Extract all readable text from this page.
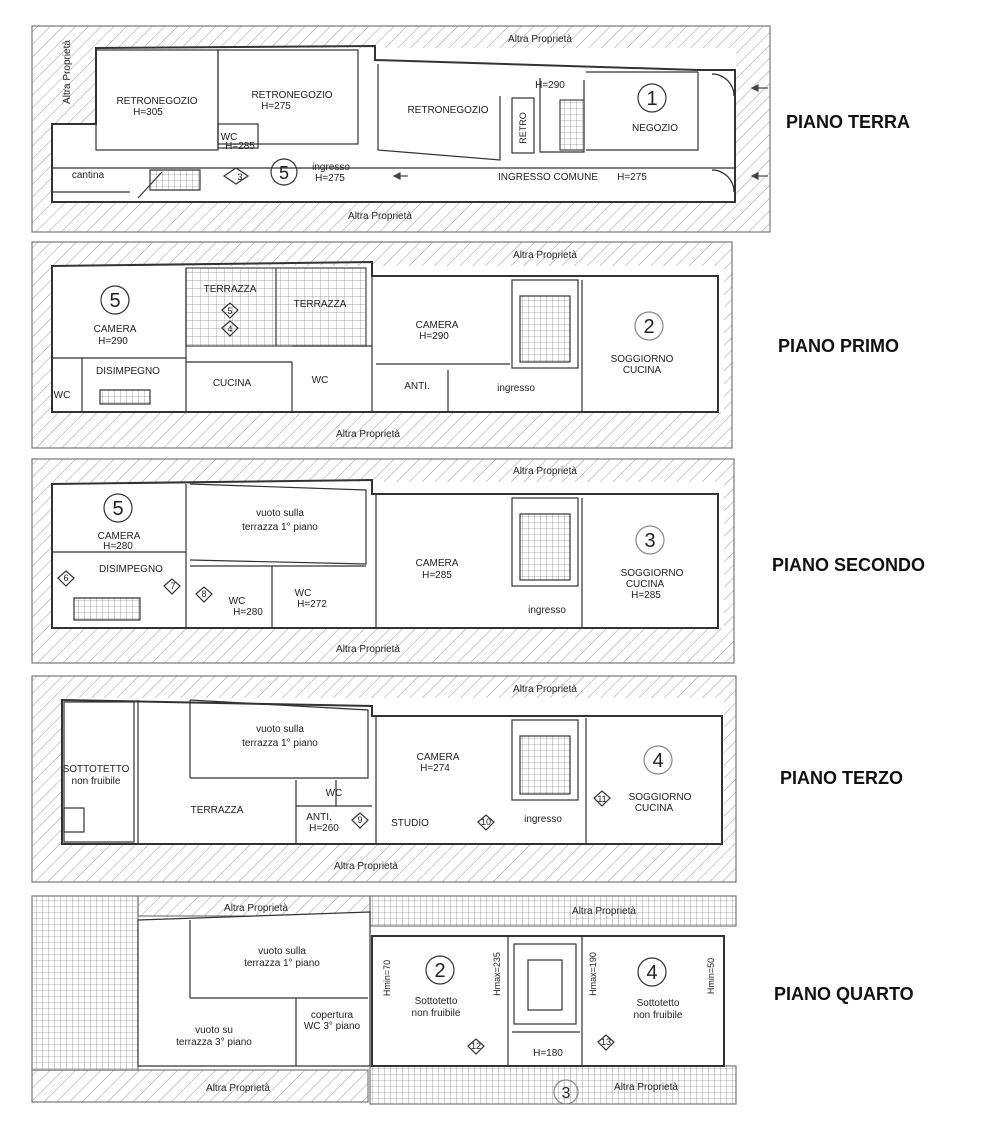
Altra Proprietà
Altra Proprietà
Altra Proprietà	RETRONEGOZIO
H=305
RETRONEGOZIO
H=275	RETRONEGOZIO
WC
H=285
RETRO
H=290
NEGOZIO
cantina
ingresso
H=275	INGRESSO COMUNE H=275
1
5
3
Altra Proprietà
Altra Proprietà
5
CAMERA
H=290
TERRAZZA
TERRAZZA
5
4
DISIMPEGNO
WC
CUCINA	WC
CAMERA
H=290
ANTI.	ingresso
2
SOGGIORNO
CUCINA
Altra Proprietà
Altra Proprietà
5
CAMERA
H=280
vuoto sulla
terrazza 1° piano
DISIMPEGNO
6
7
8
WC
H=280
WC
H=272
CAMERA
H=285
ingresso
3
SOGGIORNO
CUCINA
H=285
Altra Proprietà
Altra Proprietà
SOTTOTETTO
non fruibile
vuoto sulla
terrazza 1° piano
TERRAZZA
WC
ANTI.
H=260
9	STUDIO	10
CAMERA
H=274
ingresso
4
11 SOGGIORNO
CUCINA
Altra Proprietà	Altra Proprietà
Altra Proprietà	Altra Proprietà
vuoto sulla
terrazza 1° piano
vuoto su
terrazza 3° piano
copertura
WC 3° piano
Hmin=70	Hmax=235	Hmax=190	Hmin=50
2	4
Sottotetto
non fruibile
Sottotetto
non fruibile
12	13
H=180
3
PIANO TERRA
PIANO PRIMO
PIANO SECONDO
PIANO TERZO
PIANO QUARTO
